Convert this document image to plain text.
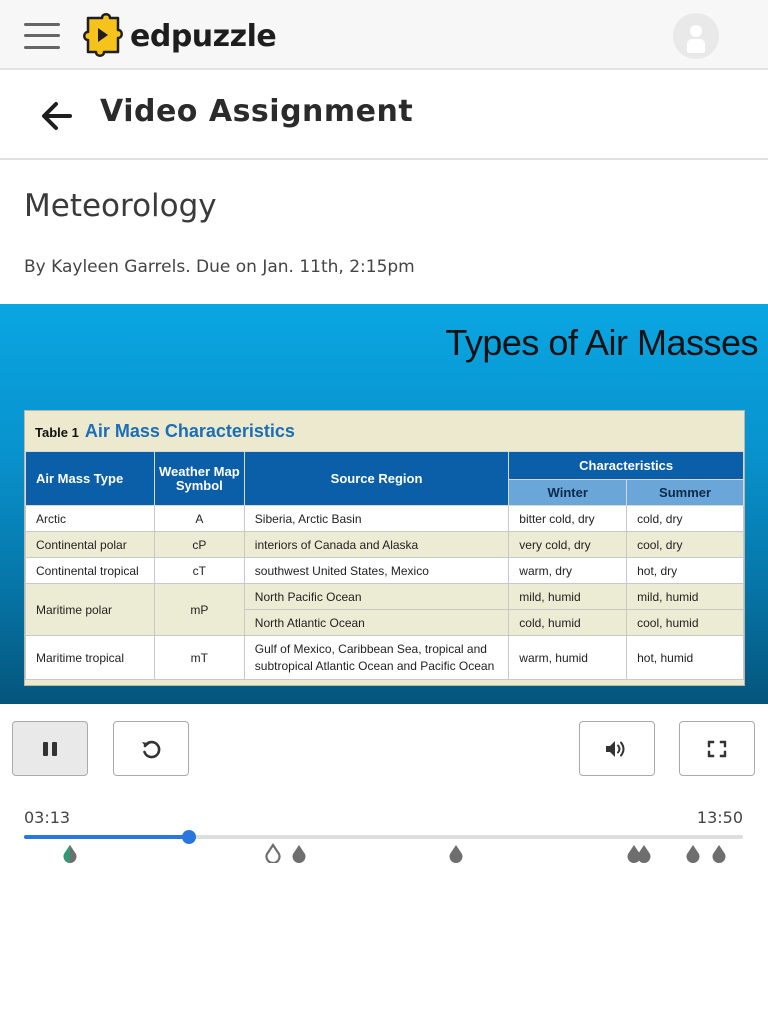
edpuzzle
Video Assignment
Meteorology
By Kayleen Garrels. Due on Jan. 11th, 2:15pm
Types of Air Masses
Table 1 Air Mass Characteristics
Air Mass Type	Weather Map Symbol	Source Region	Characteristics	
			Winter	Summer
Arctic	A	Siberia, Arctic Basin	bitter cold, dry	cold, dry
Continental polar	cP	interiors of Canada and Alaska	very cold, dry	cool, dry
Continental tropical	cT	southwest United States, Mexico	warm, dry	hot, dry
Maritime polar	mP	North Pacific Ocean	mild, humid	mild, humid
		North Atlantic Ocean	cold, humid	cool, humid
Maritime tropical	mT	Gulf of Mexico, Caribbean Sea, tropical and subtropical Atlantic Ocean and Pacific Ocean	warm, humid	hot, humid
03:13	13:50
